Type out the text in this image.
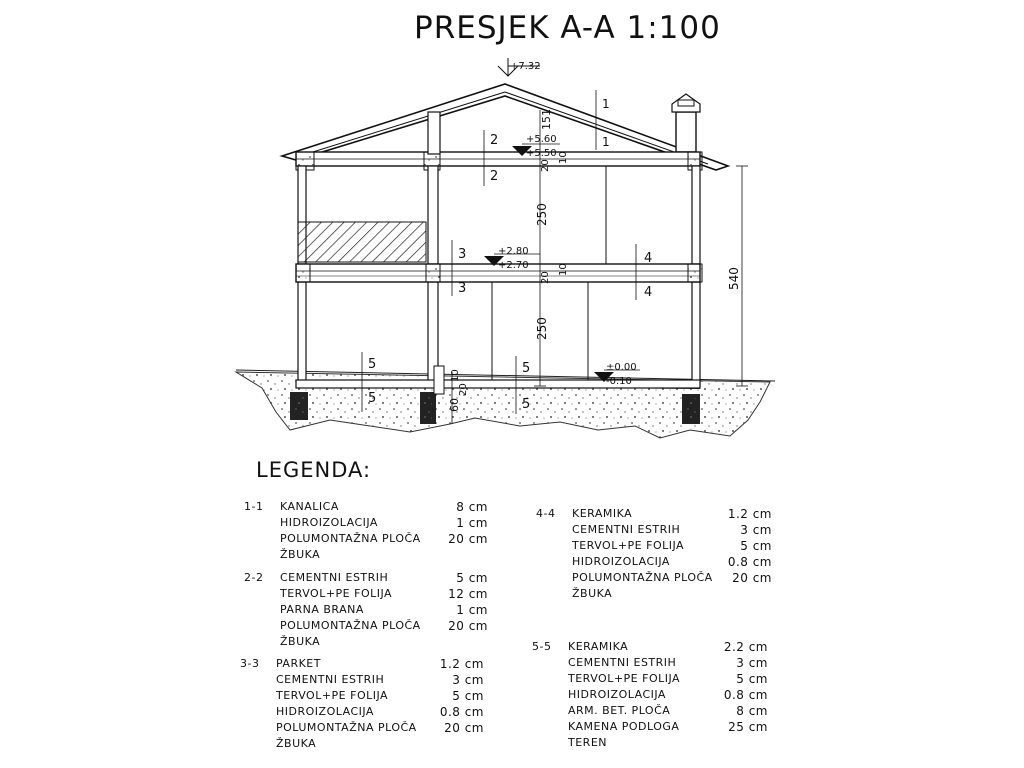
PRESJEK A-A 1:100
+7.32
+5.60
+5.50
+2.80
+2.70
±0.00
-0.10
151
20
10
250
20
10
250
540
60
20
10
1
1
2
2
3
3
4
4
5
5
5
5
LEGENDA:
1-1 KANALICA	8 cm
HIDROIZOLACIJA	1 cm
POLUMONTAŽNA PLOČA	20 cm
ŽBUKA
2-2 CEMENTNI ESTRIH	5 cm
TERVOL+PE FOLIJA	12 cm
PARNA BRANA	1 cm
POLUMONTAŽNA PLOČA	20 cm
ŽBUKA
3-3 PARKET	1.2 cm
CEMENTNI ESTRIH	3 cm
TERVOL+PE FOLIJA	5 cm
HIDROIZOLACIJA	0.8 cm
POLUMONTAŽNA PLOČA	20 cm
ŽBUKA
4-4 KERAMIKA	1.2 cm
CEMENTNI ESTRIH	3 cm
TERVOL+PE FOLIJA	5 cm
HIDROIZOLACIJA	0.8 cm
POLUMONTAŽNA PLOČA	20 cm
ŽBUKA
5-5 KERAMIKA	2.2 cm
CEMENTNI ESTRIH	3 cm
TERVOL+PE FOLIJA	5 cm
HIDROIZOLACIJA	0.8 cm
ARM. BET. PLOČA	8 cm
KAMENA PODLOGA	25 cm
TEREN
